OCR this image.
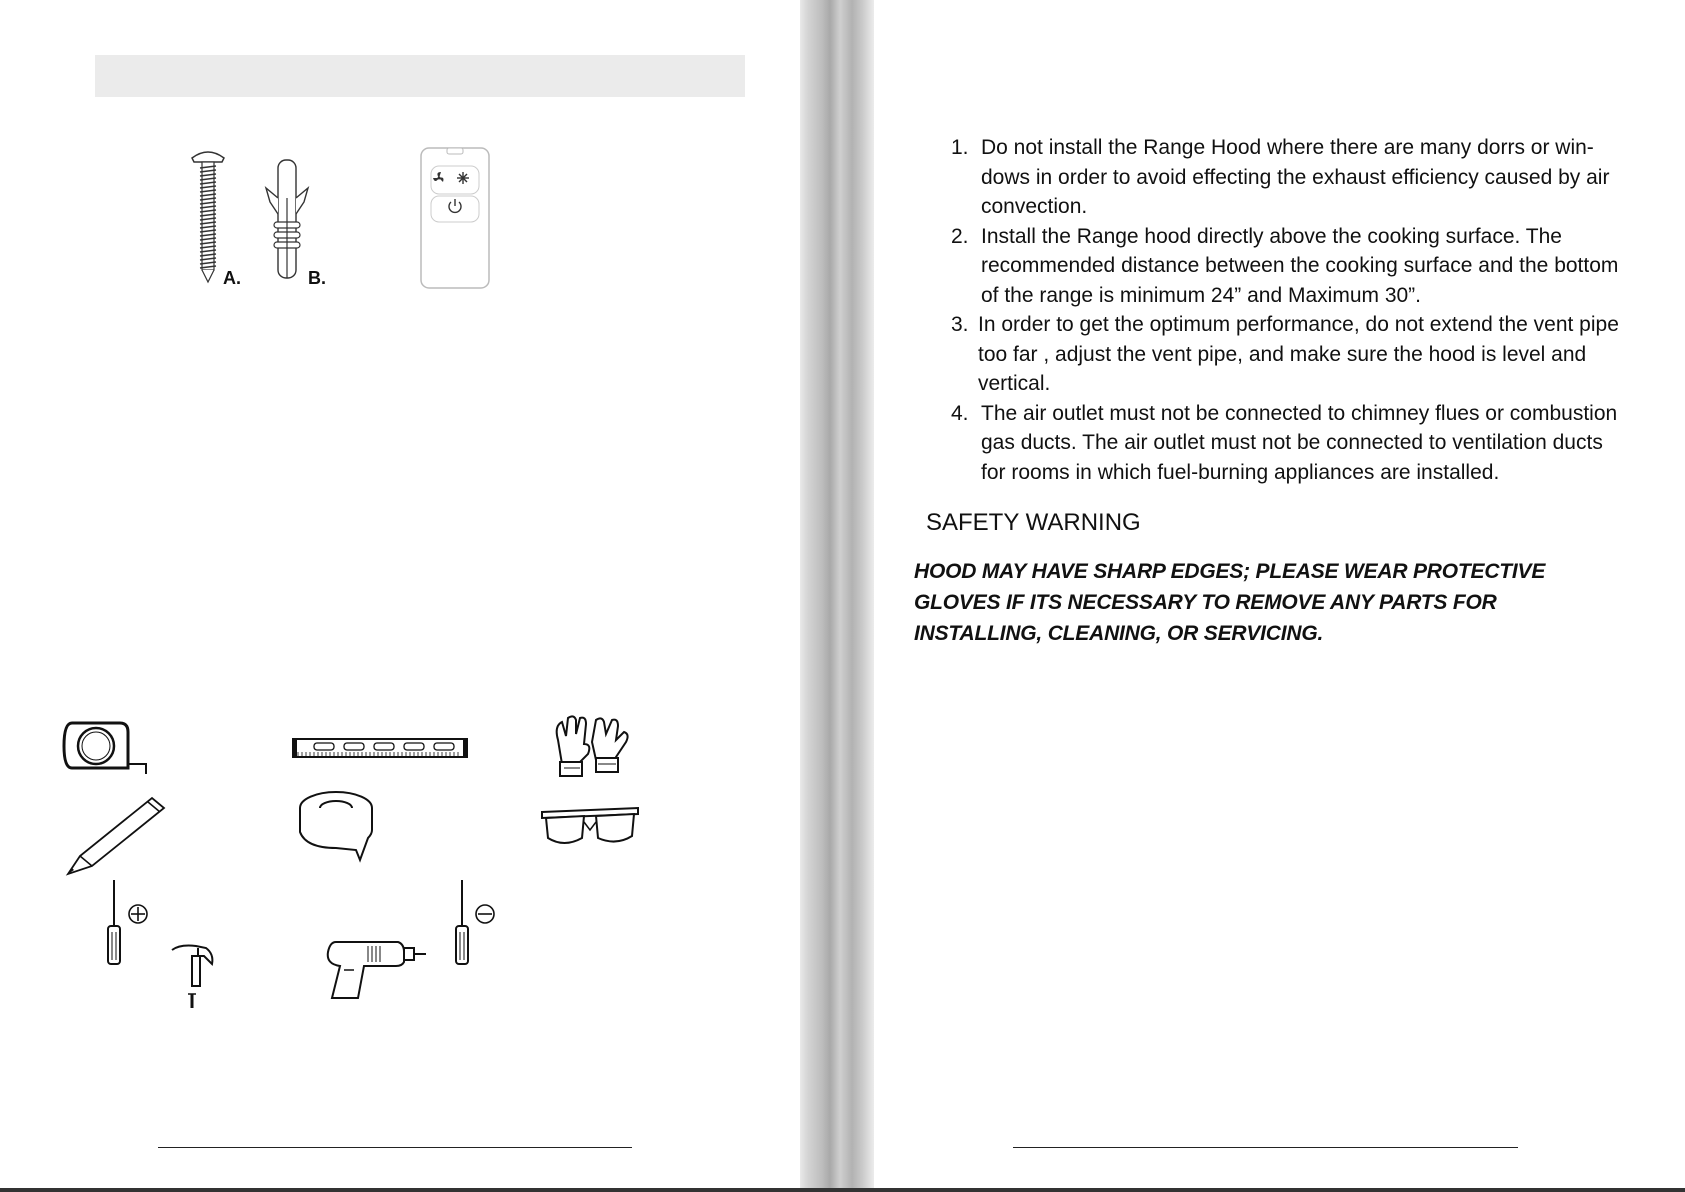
A.	B.
1. Do not install the Range Hood where there are many dorrs or win-
dows in order to avoid effecting the exhaust efficiency caused by air
convection.
2. Install the Range hood directly above the cooking surface. The
recommended distance between the cooking surface and the bottom
of the range is minimum 24” and Maximum 30”.
3. In order to get the optimum performance, do not extend the vent pipe
too far , adjust the vent pipe, and make sure the hood is level and
vertical.
4. The air outlet must not be connected to chimney flues or combustion
gas ducts. The air outlet must not be connected to ventilation ducts
for rooms in which fuel-burning appliances are installed.
SAFETY WARNING
HOOD MAY HAVE SHARP EDGES; PLEASE WEAR PROTECTIVE
GLOVES IF ITS NECESSARY TO REMOVE ANY PARTS FOR
INSTALLING, CLEANING, OR SERVICING.
